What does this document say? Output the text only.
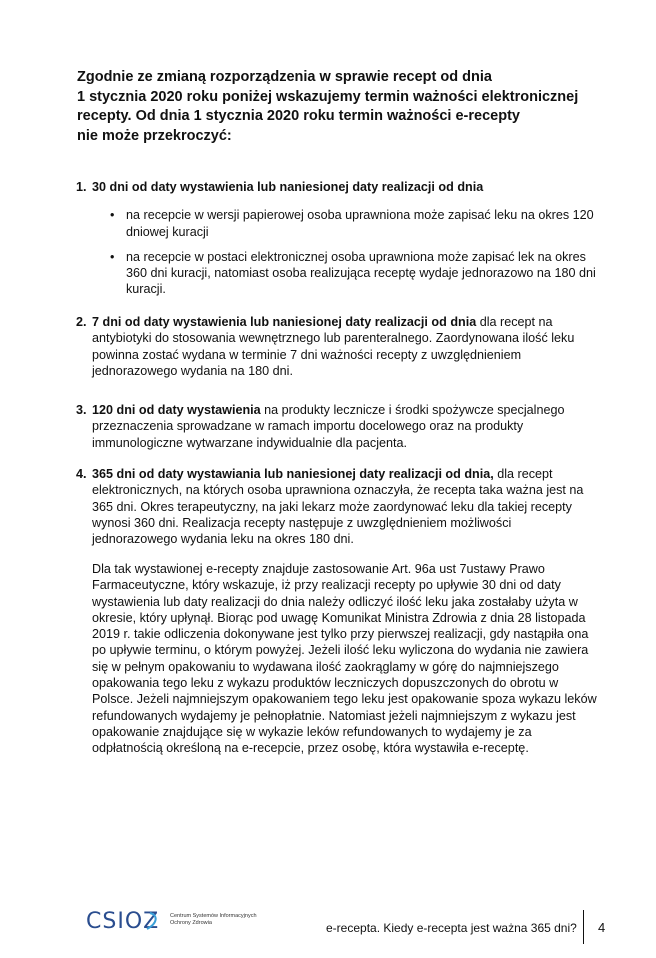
Zgodnie ze zmianą rozporządzenia w sprawie recept od dnia
1 stycznia 2020 roku poniżej wskazujemy termin ważności elektronicznej
recepty. Od dnia 1 stycznia 2020 roku termin ważności e-recepty
nie może przekroczyć:
1. 30 dni od daty wystawienia lub naniesionej daty realizacji od dnia
• na recepcie w wersji papierowej osoba uprawniona może zapisać leku na okres 120 dniowej kuracji
• na recepcie w postaci elektronicznej osoba uprawniona może zapisać lek na okres 360 dni kuracji, natomiast osoba realizująca receptę wydaje jednorazowo na 180 dni kuracji.
2. 7 dni od daty wystawienia lub naniesionej daty realizacji od dnia dla recept na antybiotyki do stosowania wewnętrznego lub parenteralnego. Zaordynowana ilość leku powinna zostać wydana w terminie 7 dni ważności recepty z uwzględnieniem jednorazowego wydania na 180 dni.
3. 120 dni od daty wystawienia na produkty lecznicze i środki spożywcze specjalnego przeznaczenia sprowadzane w ramach importu docelowego oraz na produkty immunologiczne wytwarzane indywidualnie dla pacjenta.
4. 365 dni od daty wystawiania lub naniesionej daty realizacji od dnia, dla recept elektronicznych, na których osoba uprawniona oznaczyła, że recepta taka ważna jest na 365 dni. Okres terapeutyczny, na jaki lekarz może zaordynować leku dla takiej recepty wynosi 360 dni. Realizacja recepty następuje z uwzględnieniem możliwości jednorazowego wydania leku na okres 180 dni.
Dla tak wystawionej e-recepty znajduje zastosowanie Art. 96a ust 7ustawy Prawo Farmaceutyczne, który wskazuje, iż przy realizacji recepty po upływie 30 dni od daty wystawienia lub daty realizacji do dnia należy odliczyć ilość leku jaka zostałaby użyta w okresie, który upłynął. Biorąc pod uwagę Komunikat Ministra Zdrowia z dnia 28 listopada 2019 r. takie odliczenia dokonywane jest tylko przy pierwszej realizacji, gdy nastąpiła ona po upływie terminu, o którym powyżej. Jeżeli ilość leku wyliczona do wydania nie zawiera się w pełnym opakowaniu to wydawana ilość zaokrąglamy w górę do najmniejszego opakowania tego leku z wykazu produktów leczniczych dopuszczonych do obrotu w Polsce. Jeżeli najmniejszym opakowaniem tego leku jest opakowanie spoza wykazu leków refundowanych wydajemy je pełnopłatnie. Natomiast jeżeli najmniejszym z wykazu jest opakowanie znajdujące się w wykazie leków refundowanych to wydajemy je za odpłatnością określoną na e-recepcie, przez osobę, która wystawiła e-receptę.
CSIOZ Centrum Systemów Informacyjnych Ochrony Zdrowia	e-recepta. Kiedy e-recepta jest ważna 365 dni? 4
